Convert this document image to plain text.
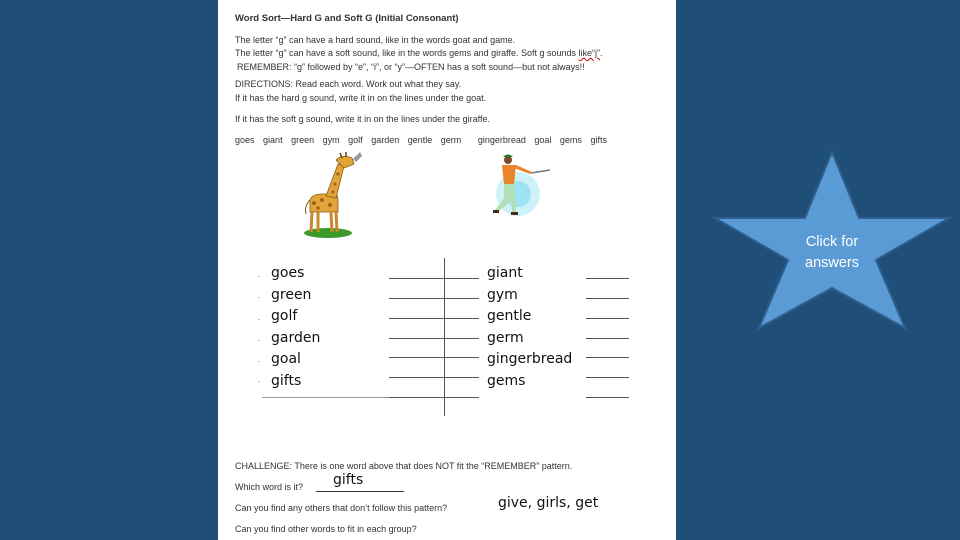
Word Sort—Hard G and Soft G (Initial Consonant)
The letter “g” can have a hard sound, like in the words goat and game.
The letter “g” can have a soft sound, like in the words gems and giraffe. Soft g sounds like“j”.
REMEMBER: “g” followed by “e”, “i”, or “y”—OFTEN has a soft sound—but not always!!
DIRECTIONS: Read each word. Work out what they say.
If it has the hard g sound, write it in on the lines under the goat.
If it has the soft g sound, write it in on the lines under the giraffe.
goes giant green gym golf garden gentle germ gingerbread goal gems gifts
CHALLENGE: There is one word above that does NOT fit the “REMEMBER” pattern.
Which word is it?
Can you find any others that don’t follow this pattern?
Can you find other words to fit in each group?
.
.
.
.
.
.
goes
green
golf
garden
goal
gifts
giant
gym
gentle
germ
gingerbread
gems
gifts
give, girls, get
Click for answers
